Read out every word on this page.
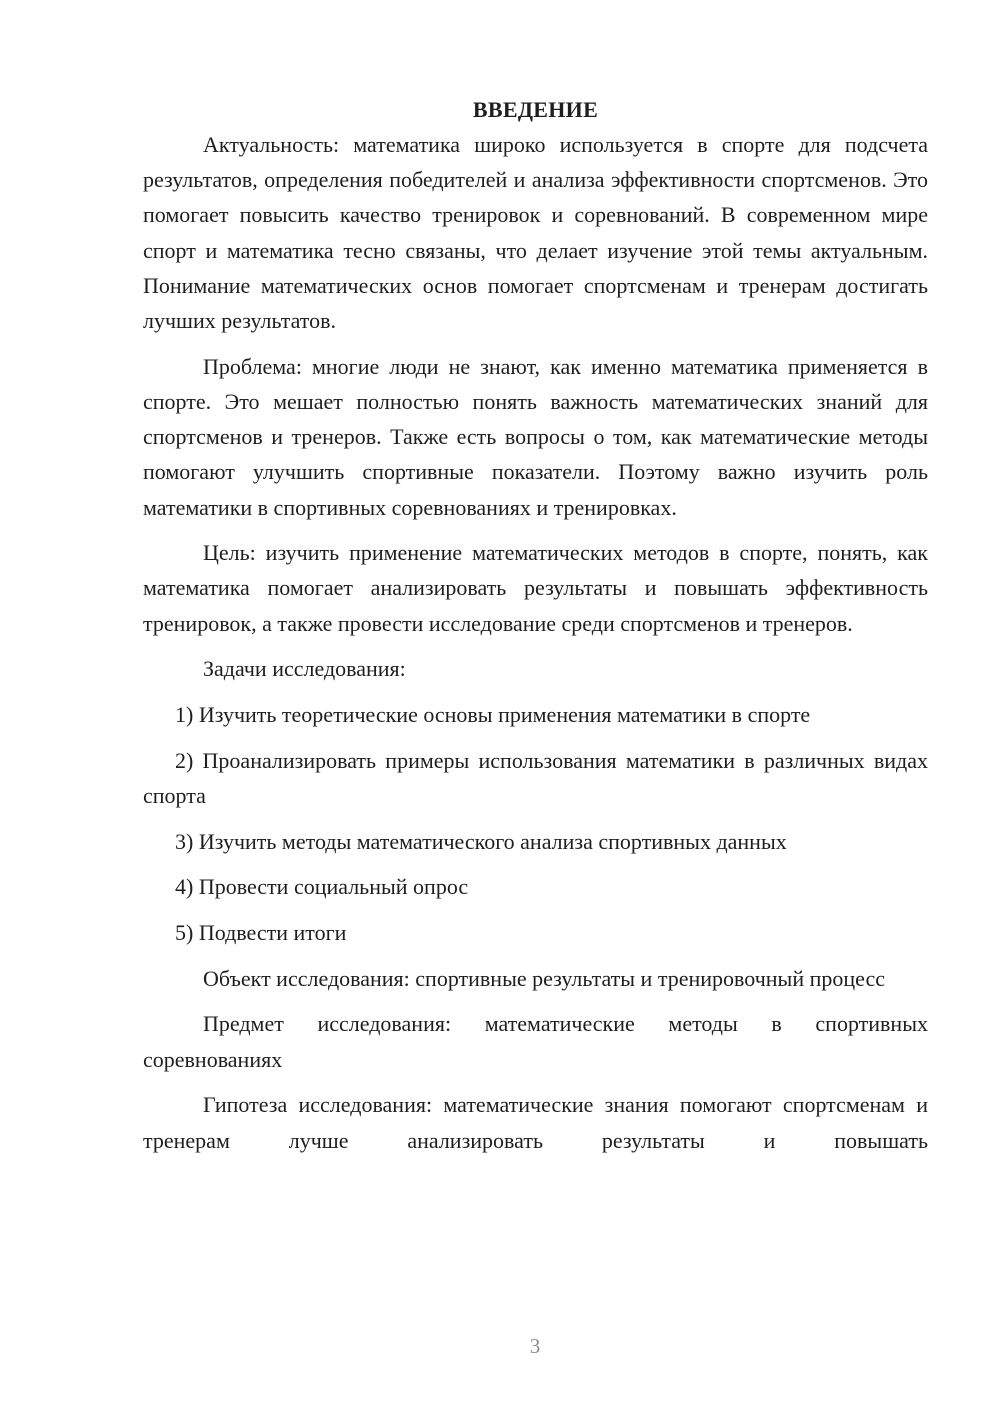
ВВЕДЕНИЕ

Актуальность: математика широко используется в спорте для подсчета результатов, определения победителей и анализа эффективности спортсменов. Это помогает повысить качество тренировок и соревнований. В современном мире спорт и математика тесно связаны, что делает изучение этой темы актуальным. Понимание математических основ помогает спортсменам и тренерам достигать лучших результатов.

Проблема: многие люди не знают, как именно математика применяется в спорте. Это мешает полностью понять важность математических знаний для спортсменов и тренеров. Также есть вопросы о том, как математические методы помогают улучшить спортивные показатели. Поэтому важно изучить роль математики в спортивных соревнованиях и тренировках.

Цель: изучить применение математических методов в спорте, понять, как математика помогает анализировать результаты и повышать эффективность тренировок, а также провести исследование среди спортсменов и тренеров.

Задачи исследования:

1) Изучить теоретические основы применения математики в спорте

2) Проанализировать примеры использования математики в различных видах спорта

3) Изучить методы математического анализа спортивных данных

4) Провести социальный опрос

5) Подвести итоги

Объект исследования: спортивные результаты и тренировочный процесс

Предмет исследования: математические методы в спортивных соревнованиях

Гипотеза исследования: математические знания помогают спортсменам и тренерам лучше анализировать результаты и повышать

3
